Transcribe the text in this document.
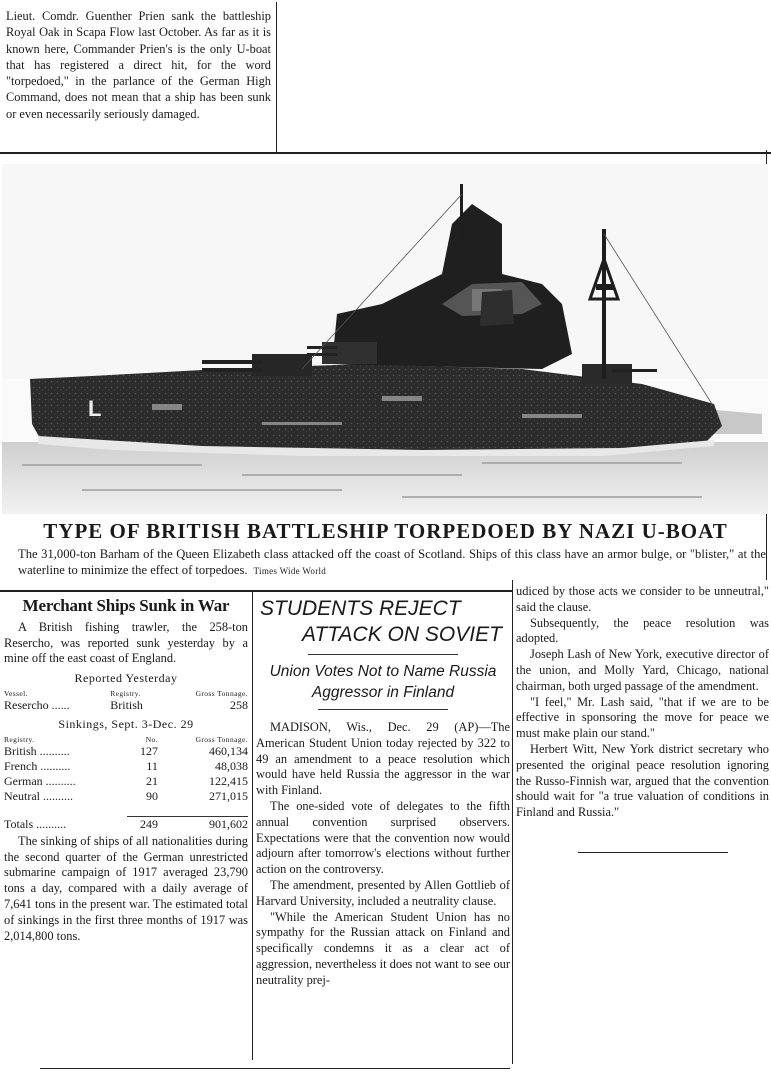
Lieut. Comdr. Guenther Prien sank the battleship Royal Oak in Scapa Flow last October. As far as it is known here, Commander Prien's is the only U-boat that has registered a direct hit, for the word "torpedoed," in the parlance of the German High Command, does not mean that a ship has been sunk or even necessarily seriously damaged.

L
TYPE OF BRITISH BATTLESHIP TORPEDOED BY NAZI U-BOAT
The 31,000-ton Barham of the Queen Elizabeth class attacked off the coast of Scotland. Ships of this class have an armor bulge, or "blister," at the waterline to minimize the effect of torpedoes. Times Wide World
Merchant Ships Sunk in War

A British fishing trawler, the 258-ton Resercho, was reported sunk yesterday by a mine off the east coast of England.

Reported Yesterday
Vessel.	Registry.	Gross Tonnage.
Resercho ......	British	258
Sinkings, Sept. 3-Dec. 29
Registry.	No.	Gross Tonnage.
British ..........	127	460,134
French ..........	11	48,038
German ..........	21	122,415
Neutral ..........	90	271,015

Totals ..........	249	901,602

The sinking of ships of all nationalities during the second quarter of the German unrestricted submarine campaign of 1917 averaged 23,790 tons a day, compared with a daily average of 7,641 tons in the present war. The estimated total of sinkings in the first three months of 1917 was 2,014,800 tons.

STUDENTS REJECT
ATTACK ON SOVIET
Union Votes Not to Name Russia Aggressor in Finland

MADISON, Wis., Dec. 29 (AP)—The American Student Union today rejected by 322 to 49 an amendment to a peace resolution which would have held Russia the aggressor in the war with Finland.

The one-sided vote of delegates to the fifth annual convention surprised observers. Expectations were that the convention now would adjourn after tomorrow's elections without further action on the controversy.

The amendment, presented by Allen Gottlieb of Harvard University, included a neutrality clause.

"While the American Student Union has no sympathy for the Russian attack on Finland and specifically condemns it as a clear act of aggression, nevertheless it does not want to see our neutrality prej-

udiced by those acts we consider to be unneutral," said the clause.

Subsequently, the peace resolution was adopted.

Joseph Lash of New York, executive director of the union, and Molly Yard, Chicago, national chairman, both urged passage of the amendment.

"I feel," Mr. Lash said, "that if we are to be effective in sponsoring the move for peace we must make plain our stand."

Herbert Witt, New York district secretary who presented the original peace resolution ignoring the Russo-Finnish war, argued that the convention should wait for "a true valuation of conditions in Finland and Russia."
